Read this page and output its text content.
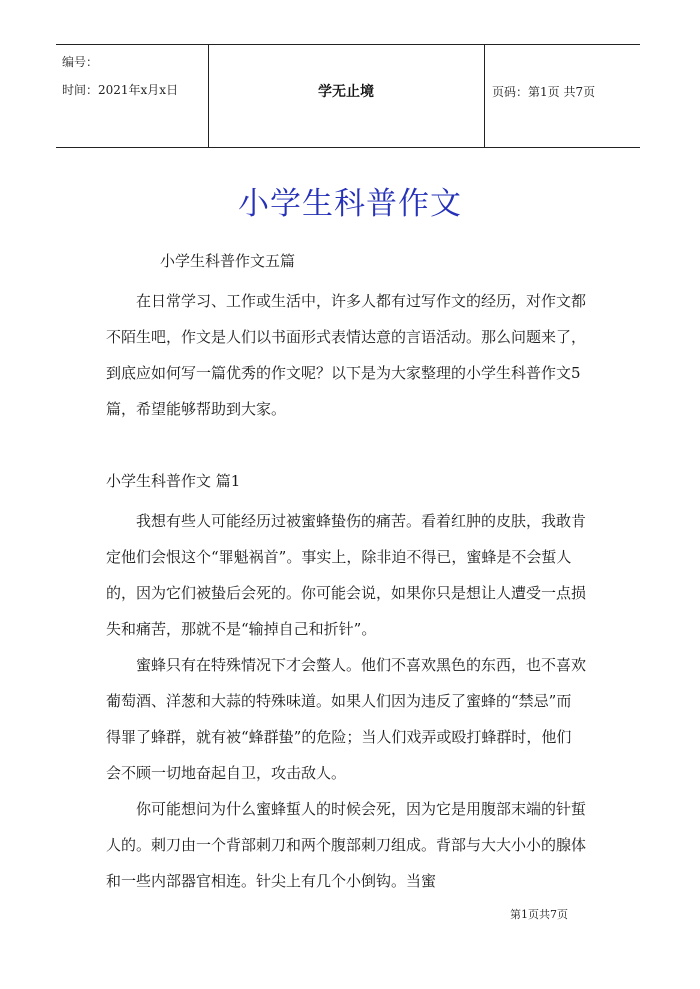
编号：
时间：2021年x月x日	学无止境	页码：第1页 共7页
小学生科普作文
小学生科普作文五篇

在日常学习、工作或生活中，许多人都有过写作文的经历，对作文都不陌生吧，作文是人们以书面形式表情达意的言语活动。那么问题来了，到底应如何写一篇优秀的作文呢？以下是为大家整理的小学生科普作文5篇，希望能够帮助到大家。

小学生科普作文 篇1

我想有些人可能经历过被蜜蜂蛰伤的痛苦。看着红肿的皮肤，我敢肯定他们会恨这个“罪魁祸首”。事实上，除非迫不得已，蜜蜂是不会蜇人的，因为它们被蛰后会死的。你可能会说，如果你只是想让人遭受一点损失和痛苦，那就不是“输掉自己和折针”。

蜜蜂只有在特殊情况下才会螫人。他们不喜欢黑色的东西，也不喜欢葡萄酒、洋葱和大蒜的特殊味道。如果人们因为违反了蜜蜂的“禁忌”而得罪了蜂群，就有被“蜂群蛰”的危险；当人们戏弄或殴打蜂群时，他们会不顾一切地奋起自卫，攻击敌人。

你可能想问为什么蜜蜂蜇人的时候会死，因为它是用腹部末端的针蜇人的。刺刀由一个背部刺刀和两个腹部刺刀组成。背部与大大小小的腺体和一些内部器官相连。针尖上有几个小倒钩。当蜜

第1页共7页
